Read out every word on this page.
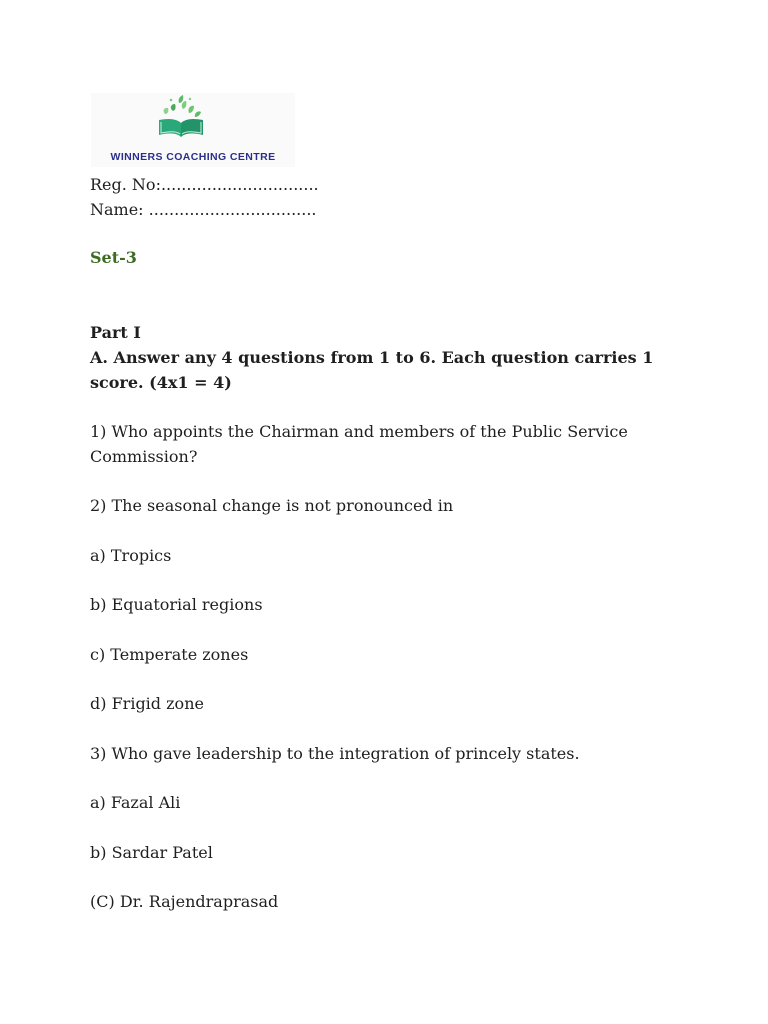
WINNERS COACHING CENTRE
Reg. No:...............................
Name: .................................
Set-3
Part I
A. Answer any 4 questions from 1 to 6. Each question carries 1 score. (4x1 = 4)
1) Who appoints the Chairman and members of the Public Service Commission?
2) The seasonal change is not pronounced in
a) Tropics
b) Equatorial regions
c) Temperate zones
d) Frigid zone
3) Who gave leadership to the integration of princely states.
a) Fazal Ali
b) Sardar Patel
(C) Dr. Rajendraprasad
